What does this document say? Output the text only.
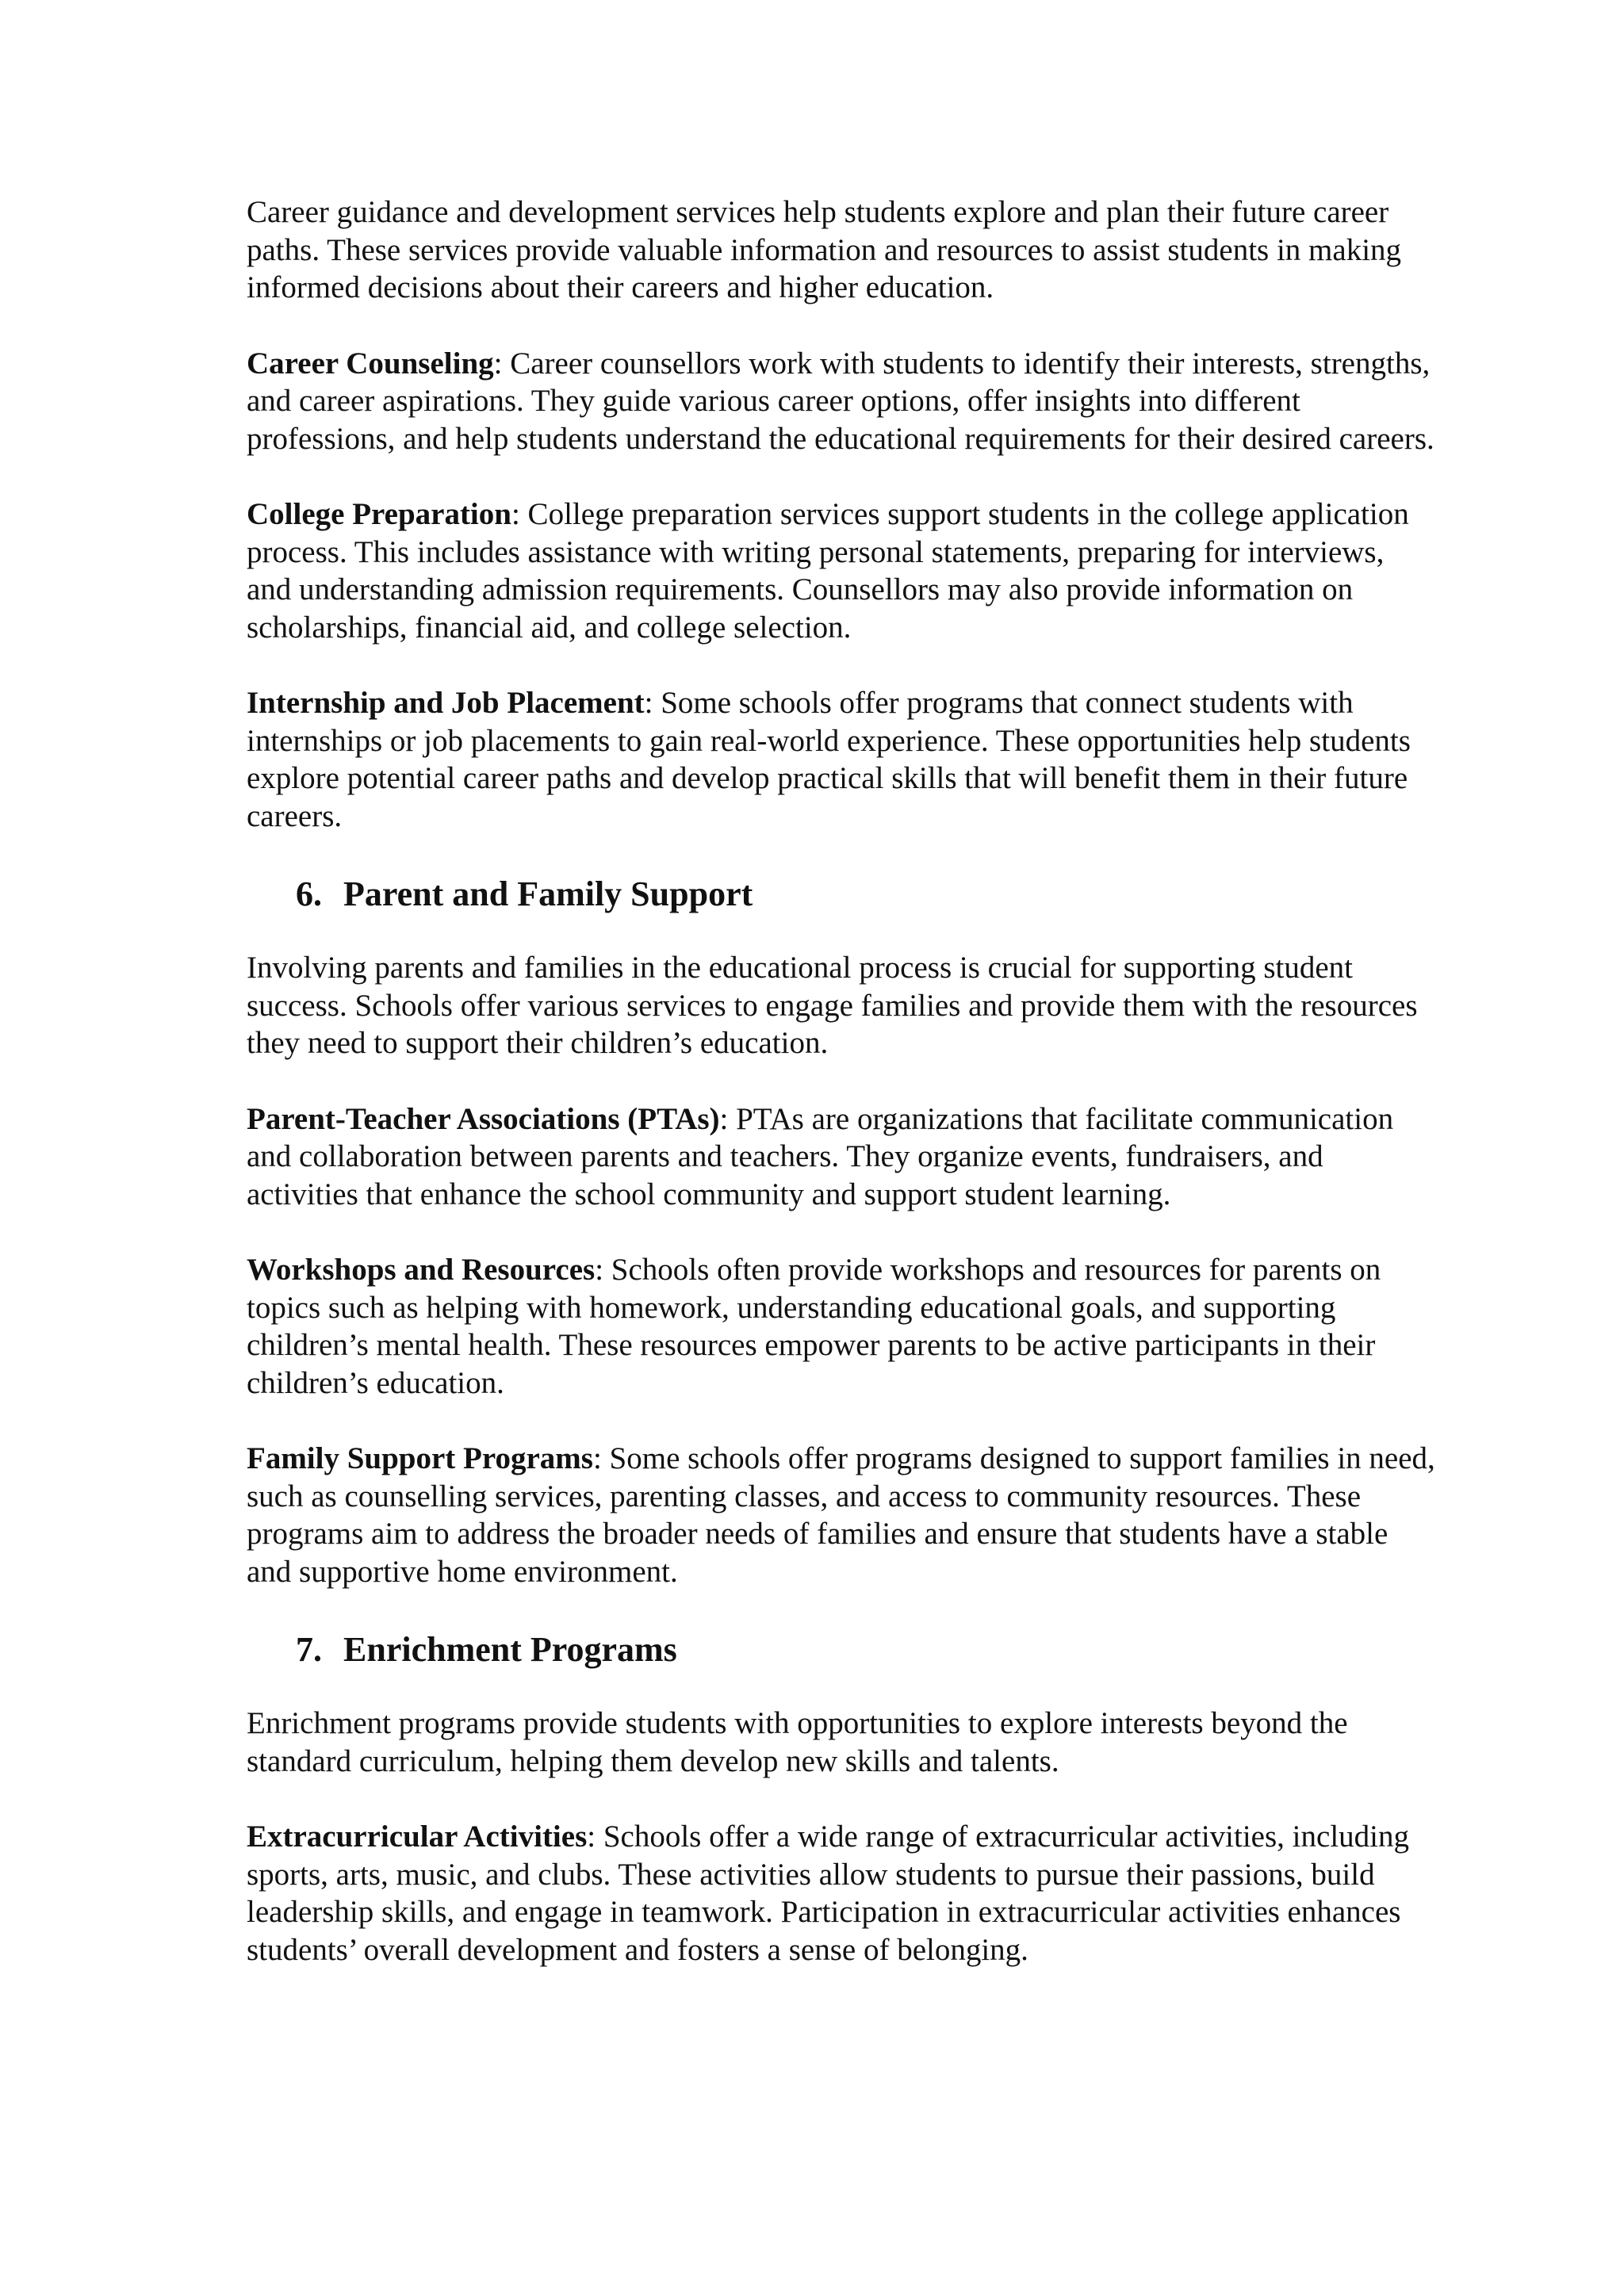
Career guidance and development services help students explore and plan their future career paths. These services provide valuable information and resources to assist students in making informed decisions about their careers and higher education.

Career Counseling: Career counsellors work with students to identify their interests, strengths, and career aspirations. They guide various career options, offer insights into different professions, and help students understand the educational requirements for their desired careers.

College Preparation: College preparation services support students in the college application process. This includes assistance with writing personal statements, preparing for interviews, and understanding admission requirements. Counsellors may also provide information on scholarships, financial aid, and college selection.

Internship and Job Placement: Some schools offer programs that connect students with internships or job placements to gain real-world experience. These opportunities help students explore potential career paths and develop practical skills that will benefit them in their future careers.

6. Parent and Family Support

Involving parents and families in the educational process is crucial for supporting student success. Schools offer various services to engage families and provide them with the resources they need to support their children’s education.

Parent-Teacher Associations (PTAs): PTAs are organizations that facilitate communication and collaboration between parents and teachers. They organize events, fundraisers, and activities that enhance the school community and support student learning.

Workshops and Resources: Schools often provide workshops and resources for parents on topics such as helping with homework, understanding educational goals, and supporting children’s mental health. These resources empower parents to be active participants in their children’s education.

Family Support Programs: Some schools offer programs designed to support families in need, such as counselling services, parenting classes, and access to community resources. These programs aim to address the broader needs of families and ensure that students have a stable and supportive home environment.

7. Enrichment Programs

Enrichment programs provide students with opportunities to explore interests beyond the standard curriculum, helping them develop new skills and talents.

Extracurricular Activities: Schools offer a wide range of extracurricular activities, including sports, arts, music, and clubs. These activities allow students to pursue their passions, build leadership skills, and engage in teamwork. Participation in extracurricular activities enhances students’ overall development and fosters a sense of belonging.
